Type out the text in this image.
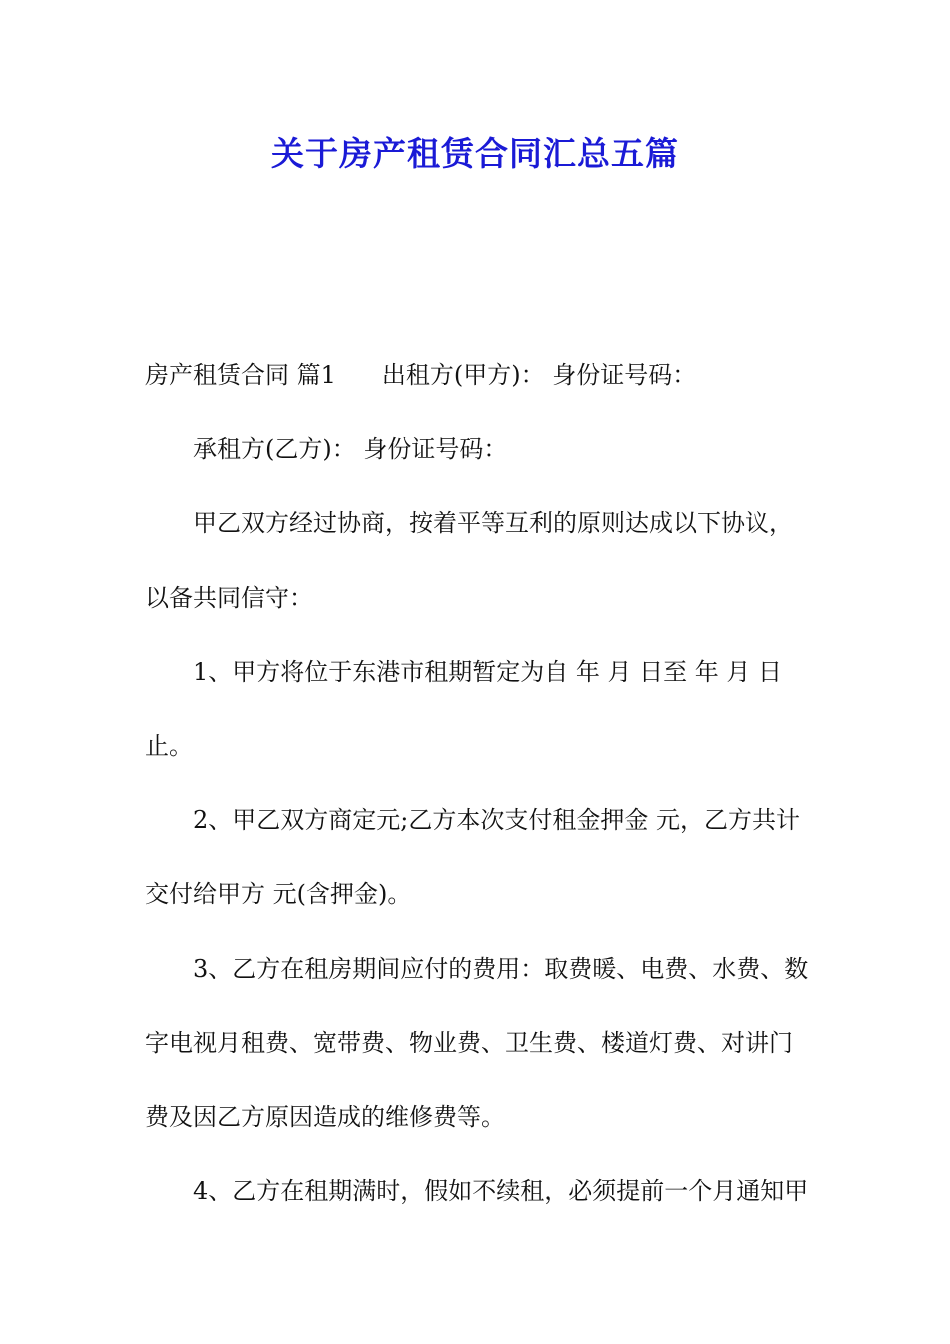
关于房产租赁合同汇总五篇
房产租赁合同 篇1 出租方(甲方)： 身份证号码：
承租方(乙方)： 身份证号码：
甲乙双方经过协商，按着平等互利的原则达成以下协议，
以备共同信守：
1、甲方将位于东港市租期暂定为自 年 月 日至 年 月 日
止。
2、甲乙双方商定元;乙方本次支付租金押金 元，乙方共计
交付给甲方 元(含押金)。
3、乙方在租房期间应付的费用：取费暖、电费、水费、数
字电视月租费、宽带费、物业费、卫生费、楼道灯费、对讲门
费及因乙方原因造成的维修费等。
4、乙方在租期满时，假如不续租，必须提前一个月通知甲
